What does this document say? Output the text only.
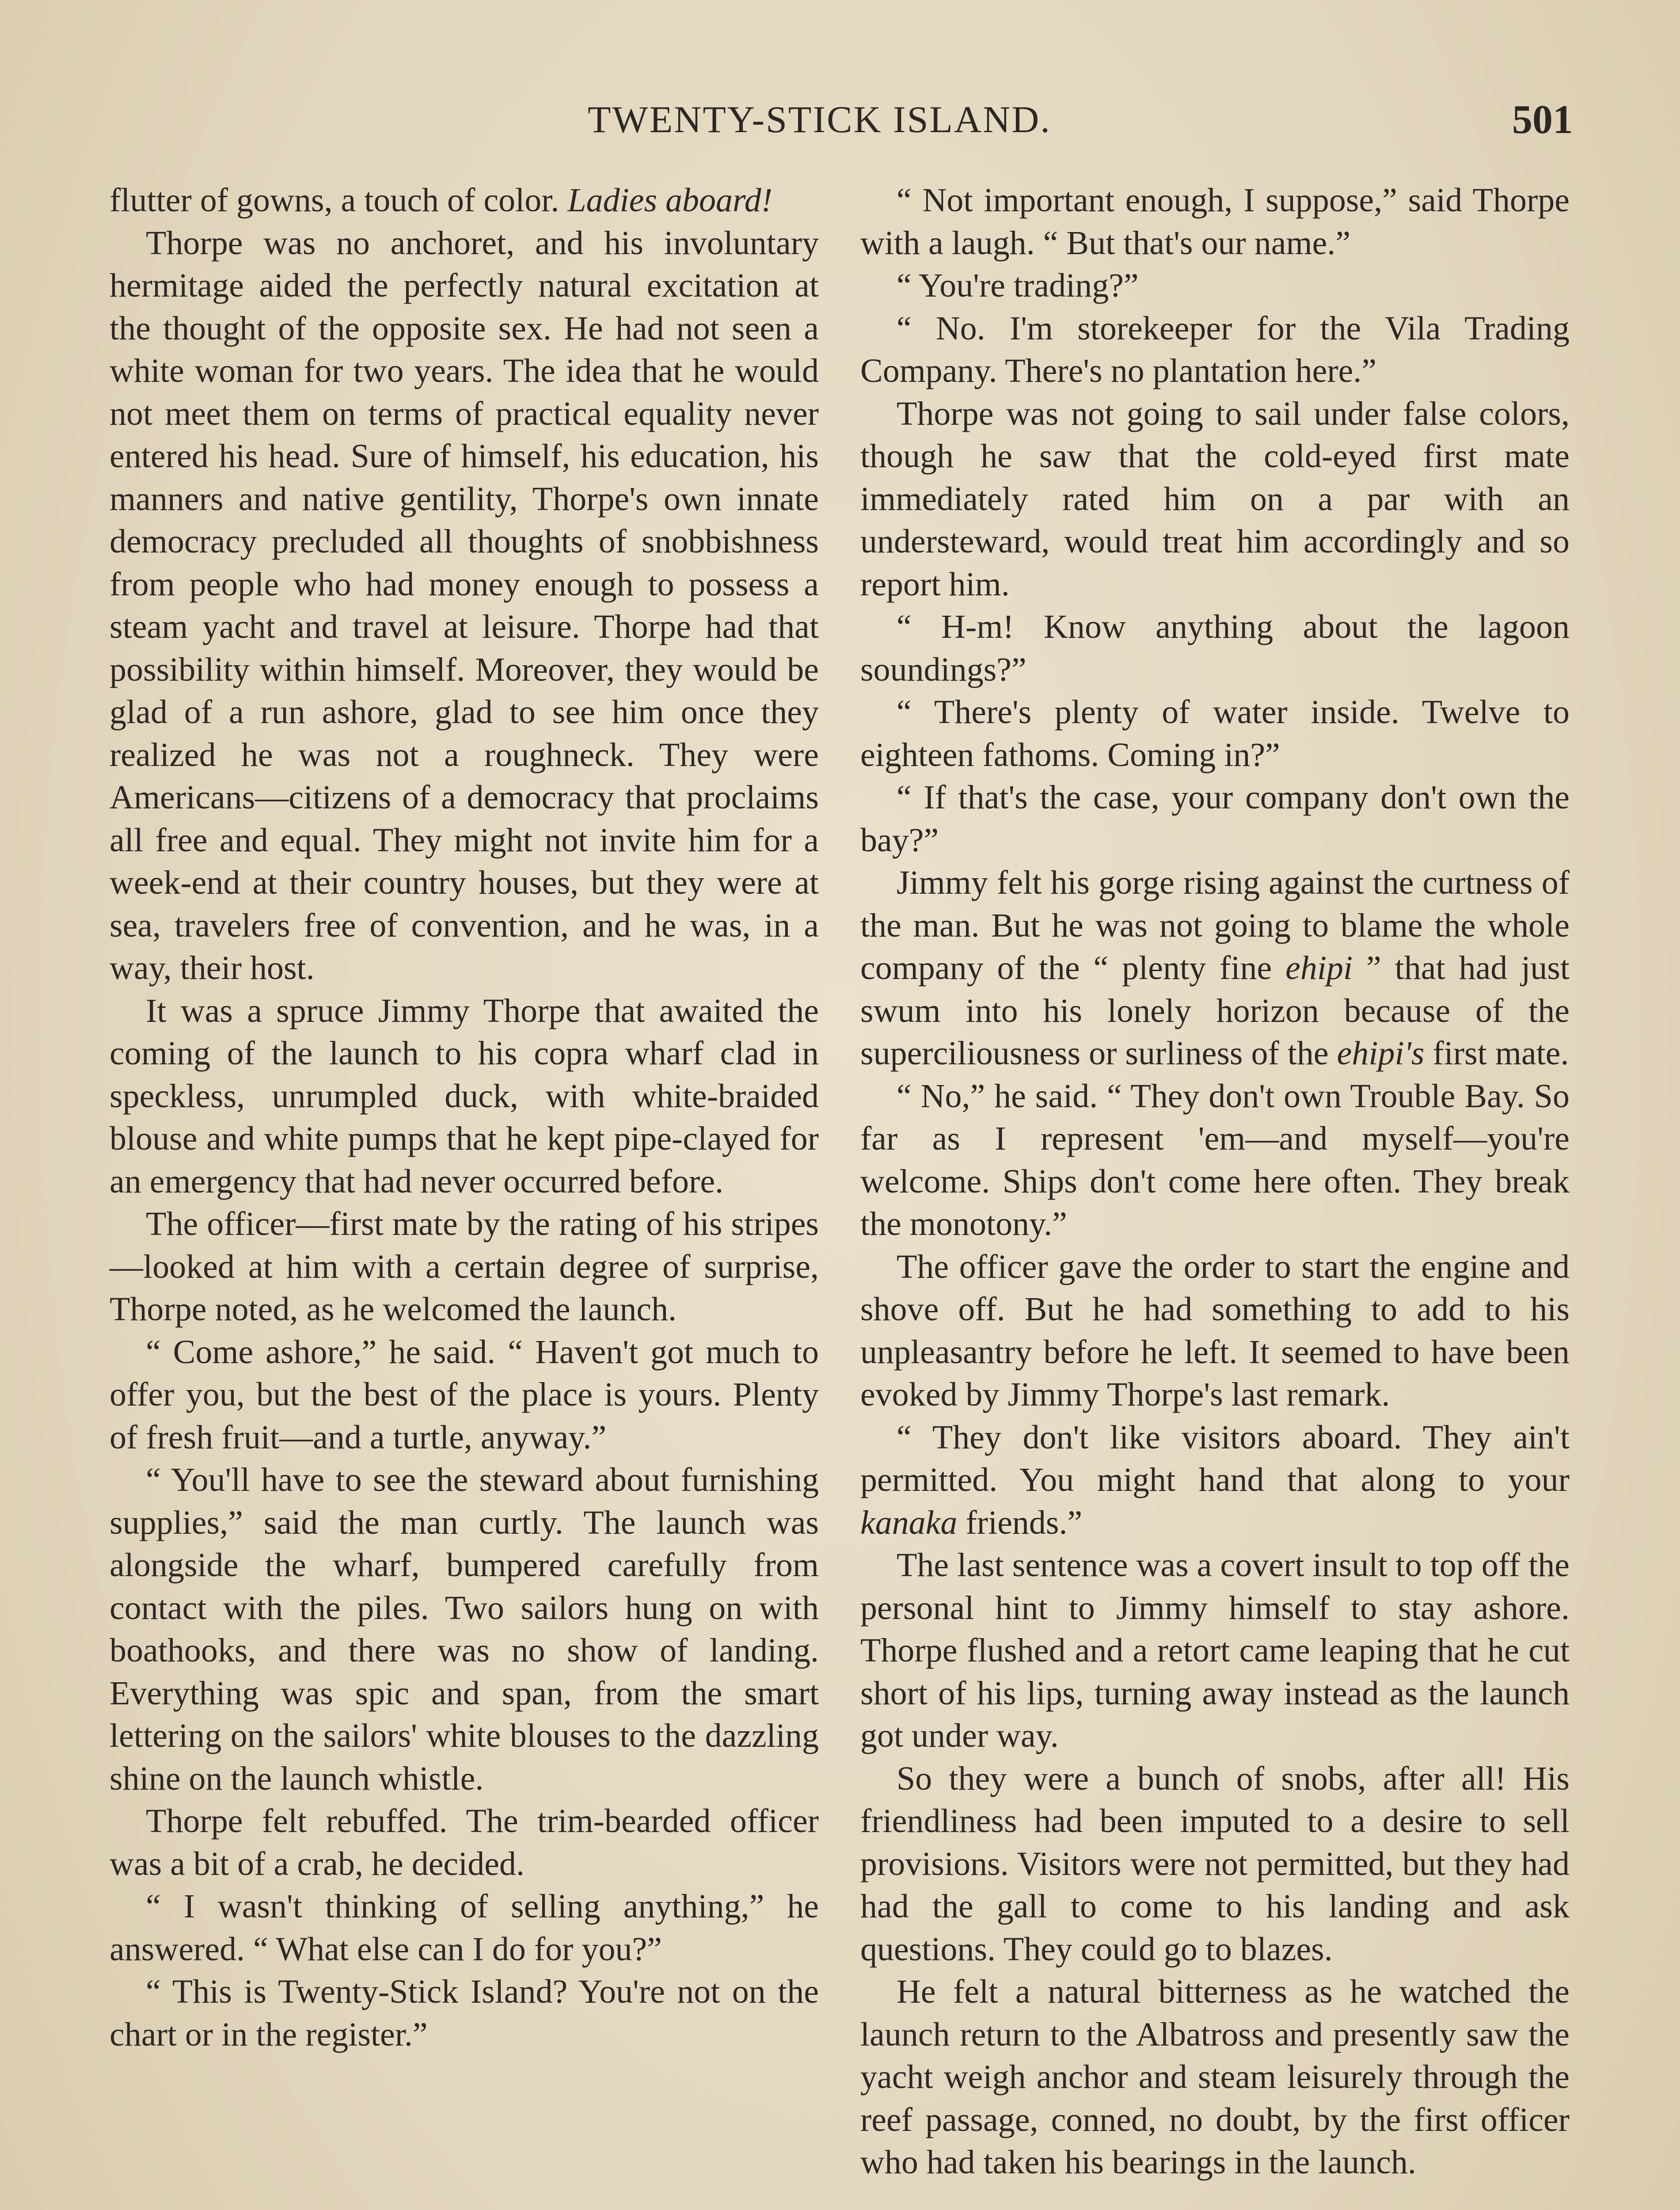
TWENTY-STICK ISLAND.	501

flutter of gowns, a touch of color. Ladies aboard!

Thorpe was no anchoret, and his involuntary hermitage aided the perfectly natural excitation at the thought of the opposite sex. He had not seen a white woman for two years. The idea that he would not meet them on terms of practical equality never entered his head. Sure of himself, his education, his manners and native gentility, Thorpe's own innate democracy precluded all thoughts of snobbishness from people who had money enough to possess a steam yacht and travel at leisure. Thorpe had that possibility within himself. Moreover, they would be glad of a run ashore, glad to see him once they realized he was not a roughneck. They were Americans—citizens of a democracy that proclaims all free and equal. They might not invite him for a week-end at their country houses, but they were at sea, travelers free of convention, and he was, in a way, their host.

It was a spruce Jimmy Thorpe that awaited the coming of the launch to his copra wharf clad in speckless, unrumpled duck, with white-braided blouse and white pumps that he kept pipe-clayed for an emergency that had never occurred before.

The officer—first mate by the rating of his stripes—looked at him with a certain degree of surprise, Thorpe noted, as he welcomed the launch.

“ Come ashore,” he said. “ Haven't got much to offer you, but the best of the place is yours. Plenty of fresh fruit—and a turtle, anyway.”

“ You'll have to see the steward about furnishing supplies,” said the man curtly. The launch was alongside the wharf, bumpered carefully from contact with the piles. Two sailors hung on with boathooks, and there was no show of landing. Everything was spic and span, from the smart lettering on the sailors' white blouses to the dazzling shine on the launch whistle.

Thorpe felt rebuffed. The trim-bearded officer was a bit of a crab, he decided.

“ I wasn't thinking of selling anything,” he answered. “ What else can I do for you?”

“ This is Twenty-Stick Island? You're not on the chart or in the register.”

“ Not important enough, I suppose,” said Thorpe with a laugh. “ But that's our name.”

“ You're trading?”

“ No. I'm storekeeper for the Vila Trading Company. There's no plantation here.”

Thorpe was not going to sail under false colors, though he saw that the cold-eyed first mate immediately rated him on a par with an understeward, would treat him accordingly and so report him.

“ H-m! Know anything about the lagoon soundings?”

“ There's plenty of water inside. Twelve to eighteen fathoms. Coming in?”

“ If that's the case, your company don't own the bay?”

Jimmy felt his gorge rising against the curtness of the man. But he was not going to blame the whole company of the “ plenty fine ehipi ” that had just swum into his lonely horizon because of the superciliousness or surliness of the ehipi's first mate.

“ No,” he said. “ They don't own Trouble Bay. So far as I represent 'em—and myself—you're welcome. Ships don't come here often. They break the monotony.”

The officer gave the order to start the engine and shove off. But he had something to add to his unpleasantry before he left. It seemed to have been evoked by Jimmy Thorpe's last remark.

“ They don't like visitors aboard. They ain't permitted. You might hand that along to your kanaka friends.”

The last sentence was a covert insult to top off the personal hint to Jimmy himself to stay ashore. Thorpe flushed and a retort came leaping that he cut short of his lips, turning away instead as the launch got under way.

So they were a bunch of snobs, after all! His friendliness had been imputed to a desire to sell provisions. Visitors were not permitted, but they had had the gall to come to his landing and ask questions. They could go to blazes.

He felt a natural bitterness as he watched the launch return to the Albatross and presently saw the yacht weigh anchor and steam leisurely through the reef passage, conned, no doubt, by the first officer who had taken his bearings in the launch.
